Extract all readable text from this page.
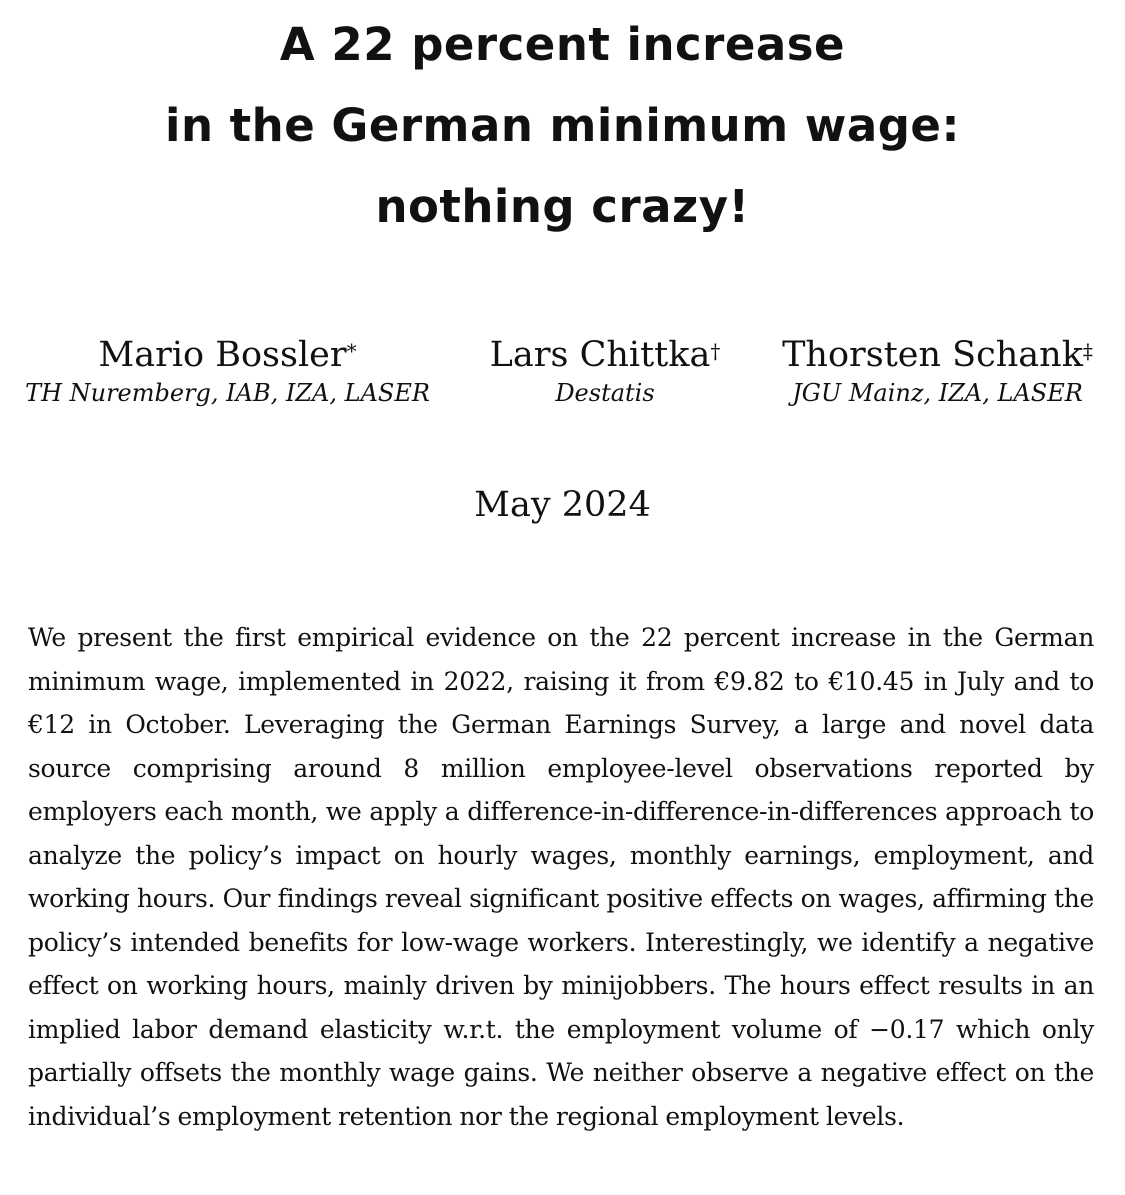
A 22 percent increase
in the German minimum wage:
nothing crazy!
Mario Bossler*
TH Nuremberg, IAB, IZA, LASER
Lars Chittka†
Destatis
Thorsten Schank‡
JGU Mainz, IZA, LASER
May 2024

We present the first empirical evidence on the 22 percent increase in the German minimum wage, implemented in 2022, raising it from €9.82 to €10.45 in July and to €12 in October. Leveraging the German Earnings Survey, a large and novel data source comprising around 8 million employee-level observations reported by employers each month, we apply a difference-in-difference-in-differences approach to analyze the policy’s impact on hourly wages, monthly earnings, employment, and working hours. Our findings reveal significant positive effects on wages, affirming the policy’s intended benefits for low-wage workers. Interestingly, we identify a negative effect on working hours, mainly driven by minijobbers. The hours effect results in an implied labor demand elasticity w.r.t. the employment volume of −0.17 which only partially offsets the monthly wage gains. We neither observe a negative effect on the individual’s employment retention nor the regional employment levels.
